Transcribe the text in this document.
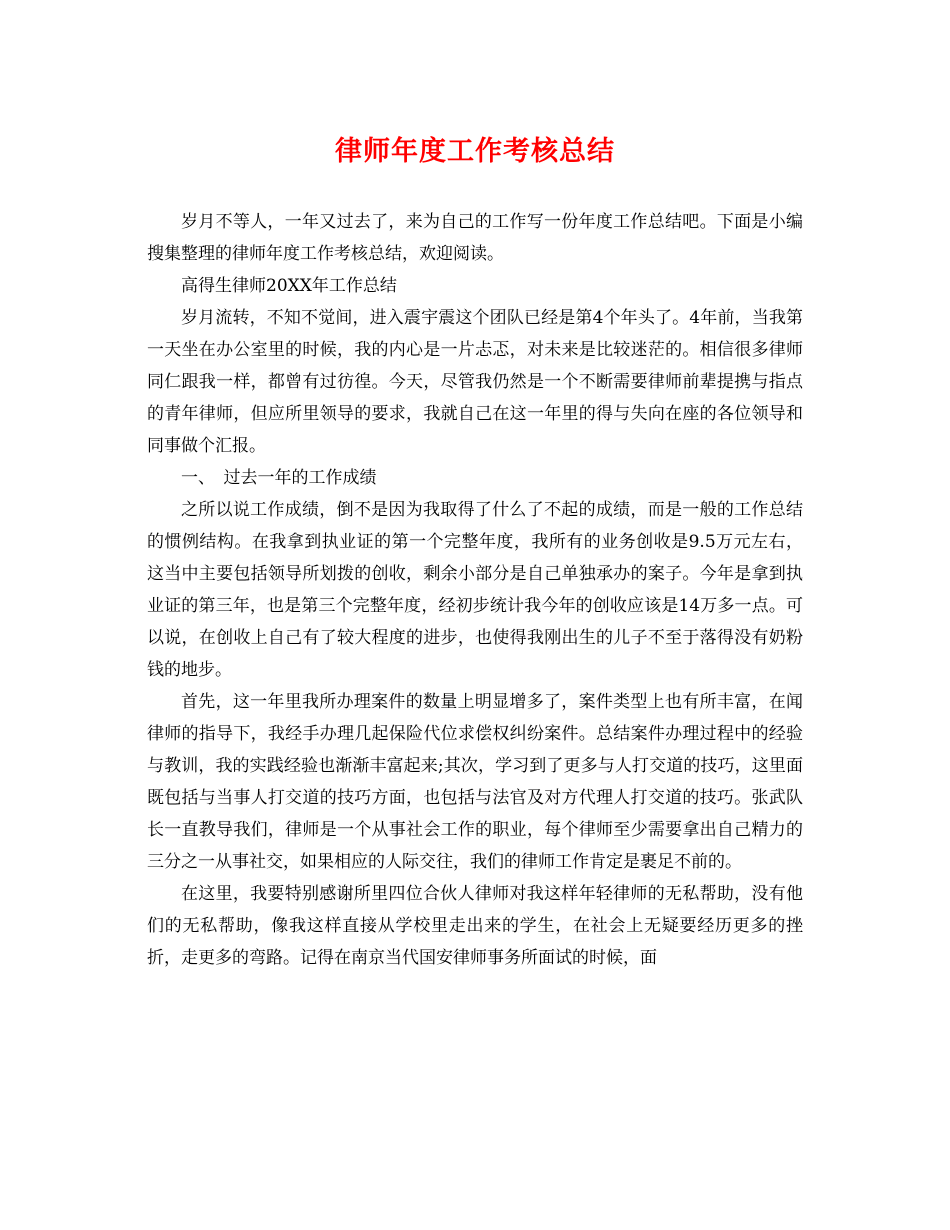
律师年度工作考核总结

岁月不等人，一年又过去了，来为自己的工作写一份年度工作总结吧。下面是小编搜集整理的律师年度工作考核总结，欢迎阅读。

高得生律师20XX年工作总结

岁月流转，不知不觉间，进入震宇震这个团队已经是第4个年头了。4年前，当我第一天坐在办公室里的时候，我的内心是一片忐忑，对未来是比较迷茫的。相信很多律师同仁跟我一样，都曾有过彷徨。今天，尽管我仍然是一个不断需要律师前辈提携与指点的青年律师，但应所里领导的要求，我就自己在这一年里的得与失向在座的各位领导和同事做个汇报。

一、　过去一年的工作成绩

之所以说工作成绩，倒不是因为我取得了什么了不起的成绩，而是一般的工作总结的惯例结构。在我拿到执业证的第一个完整年度，我所有的业务创收是9.5万元左右，这当中主要包括领导所划拨的创收，剩余小部分是自己单独承办的案子。今年是拿到执业证的第三年，也是第三个完整年度，经初步统计我今年的创收应该是14万多一点。可以说，在创收上自己有了较大程度的进步，也使得我刚出生的儿子不至于落得没有奶粉钱的地步。

首先，这一年里我所办理案件的数量上明显增多了，案件类型上也有所丰富，在闻律师的指导下，我经手办理几起保险代位求偿权纠纷案件。总结案件办理过程中的经验与教训，我的实践经验也渐渐丰富起来;其次，学习到了更多与人打交道的技巧，这里面既包括与当事人打交道的技巧方面，也包括与法官及对方代理人打交道的技巧。张武队长一直教导我们，律师是一个从事社会工作的职业，每个律师至少需要拿出自己精力的三分之一从事社交，如果相应的人际交往，我们的律师工作肯定是裹足不前的。

在这里，我要特别感谢所里四位合伙人律师对我这样年轻律师的无私帮助，没有他们的无私帮助，像我这样直接从学校里走出来的学生，在社会上无疑要经历更多的挫折，走更多的弯路。记得在南京当代国安律师事务所面试的时候，面
